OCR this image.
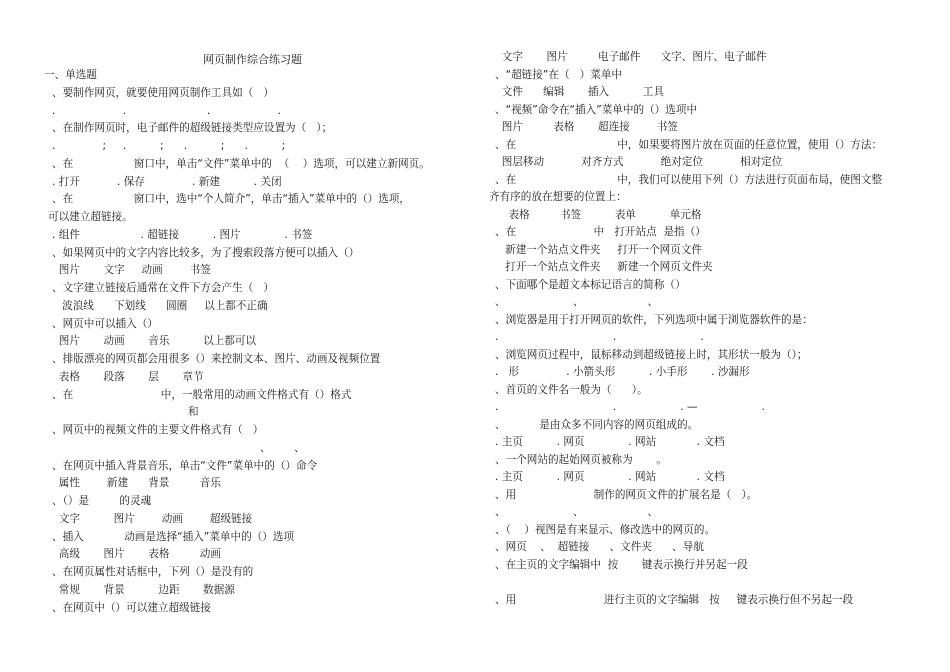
网页制作综合练习题
一、单选题
、要制作网页，就要使用网页制作工具如（   ）
.                    .                        .                    .
、在制作网页时，电子邮件的超级链接类型应设置为（   ）；
.              ;     .          ;      .          ;      .          ;
、在                  窗口中，单击“文件”菜单中的  （    ）选项，可以建立新网页。
. 打开           . 保存              . 新建          . 关闭
、在                  窗口中，选中“个人简介”，单击“插入”菜单中的（）选项，
可以建立超链接。
. 组件                  . 超链接          . 图片             . 书签
、如果网页中的文字内容比较多，为了搜索段落方便可以插入（）
图片       文字     动画        书签
、文字建立链接后通常在文件下方会产生（   ）
波浪线      下划线      圆圈     以上都不正确
、网页中可以插入（）
图片       动画       音乐          以上都可以
、排版漂亮的网页都会用很多（）来控制文本、图片、动画及视频位置
表格       段落       层       章节
、在                          中，一般常用的动画文件格式有（）格式
和
、网页中的视频文件的主要文件格式有（   ）
、       、
、在网页中插入背景音乐，单击“文件”菜单中的（）命令
属性        新建      背景         音乐
、（）是         的灵魂
文字          图片        动画        超级链接
、插入            动画是选择“插入”菜单中的（）选项
高级       图片       表格         动画
、在网页属性对话框中，下列（）是没有的
常规       背景          边距       数据源
、在网页中（）可以建立超级链接
文字       图片         电子邮件      文字、图片、电子邮件
、“超链接”在（   ）菜单中
文件      编辑       插入          工具
、“视频”命令在“插入”菜单中的（）选项中
图片         表格       超连接        书签
、在                              中，如果要将图片放在页面的任意位置，使用（）方法：
图层移动           对齐方式           绝对定位           相对定位
、在                              中，我们可以使用下列（）方法进行页面布局，使图文整
齐有序的放在想要的位置上：
表格         书签          表单          单元格
、在                       中   打开站点  是指（）
新建一个站点文件夹     打开一个网页文件
打开一个站点文件夹     新建一个网页文件夹
、下面哪个是超文本标记语言的简称（）
、                    、                   、
、浏览器是用于打开网页的软件，下列选项中属于浏览器软件的是：
.                                  .                         .
、浏览网页过程中，鼠标移动到超级链接上时，其形状一般为（）；
.   形              . 小箭头形          . 小手形       . 沙漏形
、首页的文件名一般为（      ）。
.                                  .                   . —                   .
、          是由众多不同内容的网页组成的。
. 主页          . 网页             . 网站            . 文档
、一个网站的起始网页被称为       。
. 主页          . 网页             . 网站            . 文档
、用                       制作的网页文件的扩展名是（   ）。
、                    、                   、
、（    ）视图是有来显示、修改选中的网页的。
、网页    、  超链接      、文件夹      、导航
、在主页的文字编辑中  按       键表示换行并另起一段
、用                          进行主页的文字编辑   按     键表示换行但不另起一段
